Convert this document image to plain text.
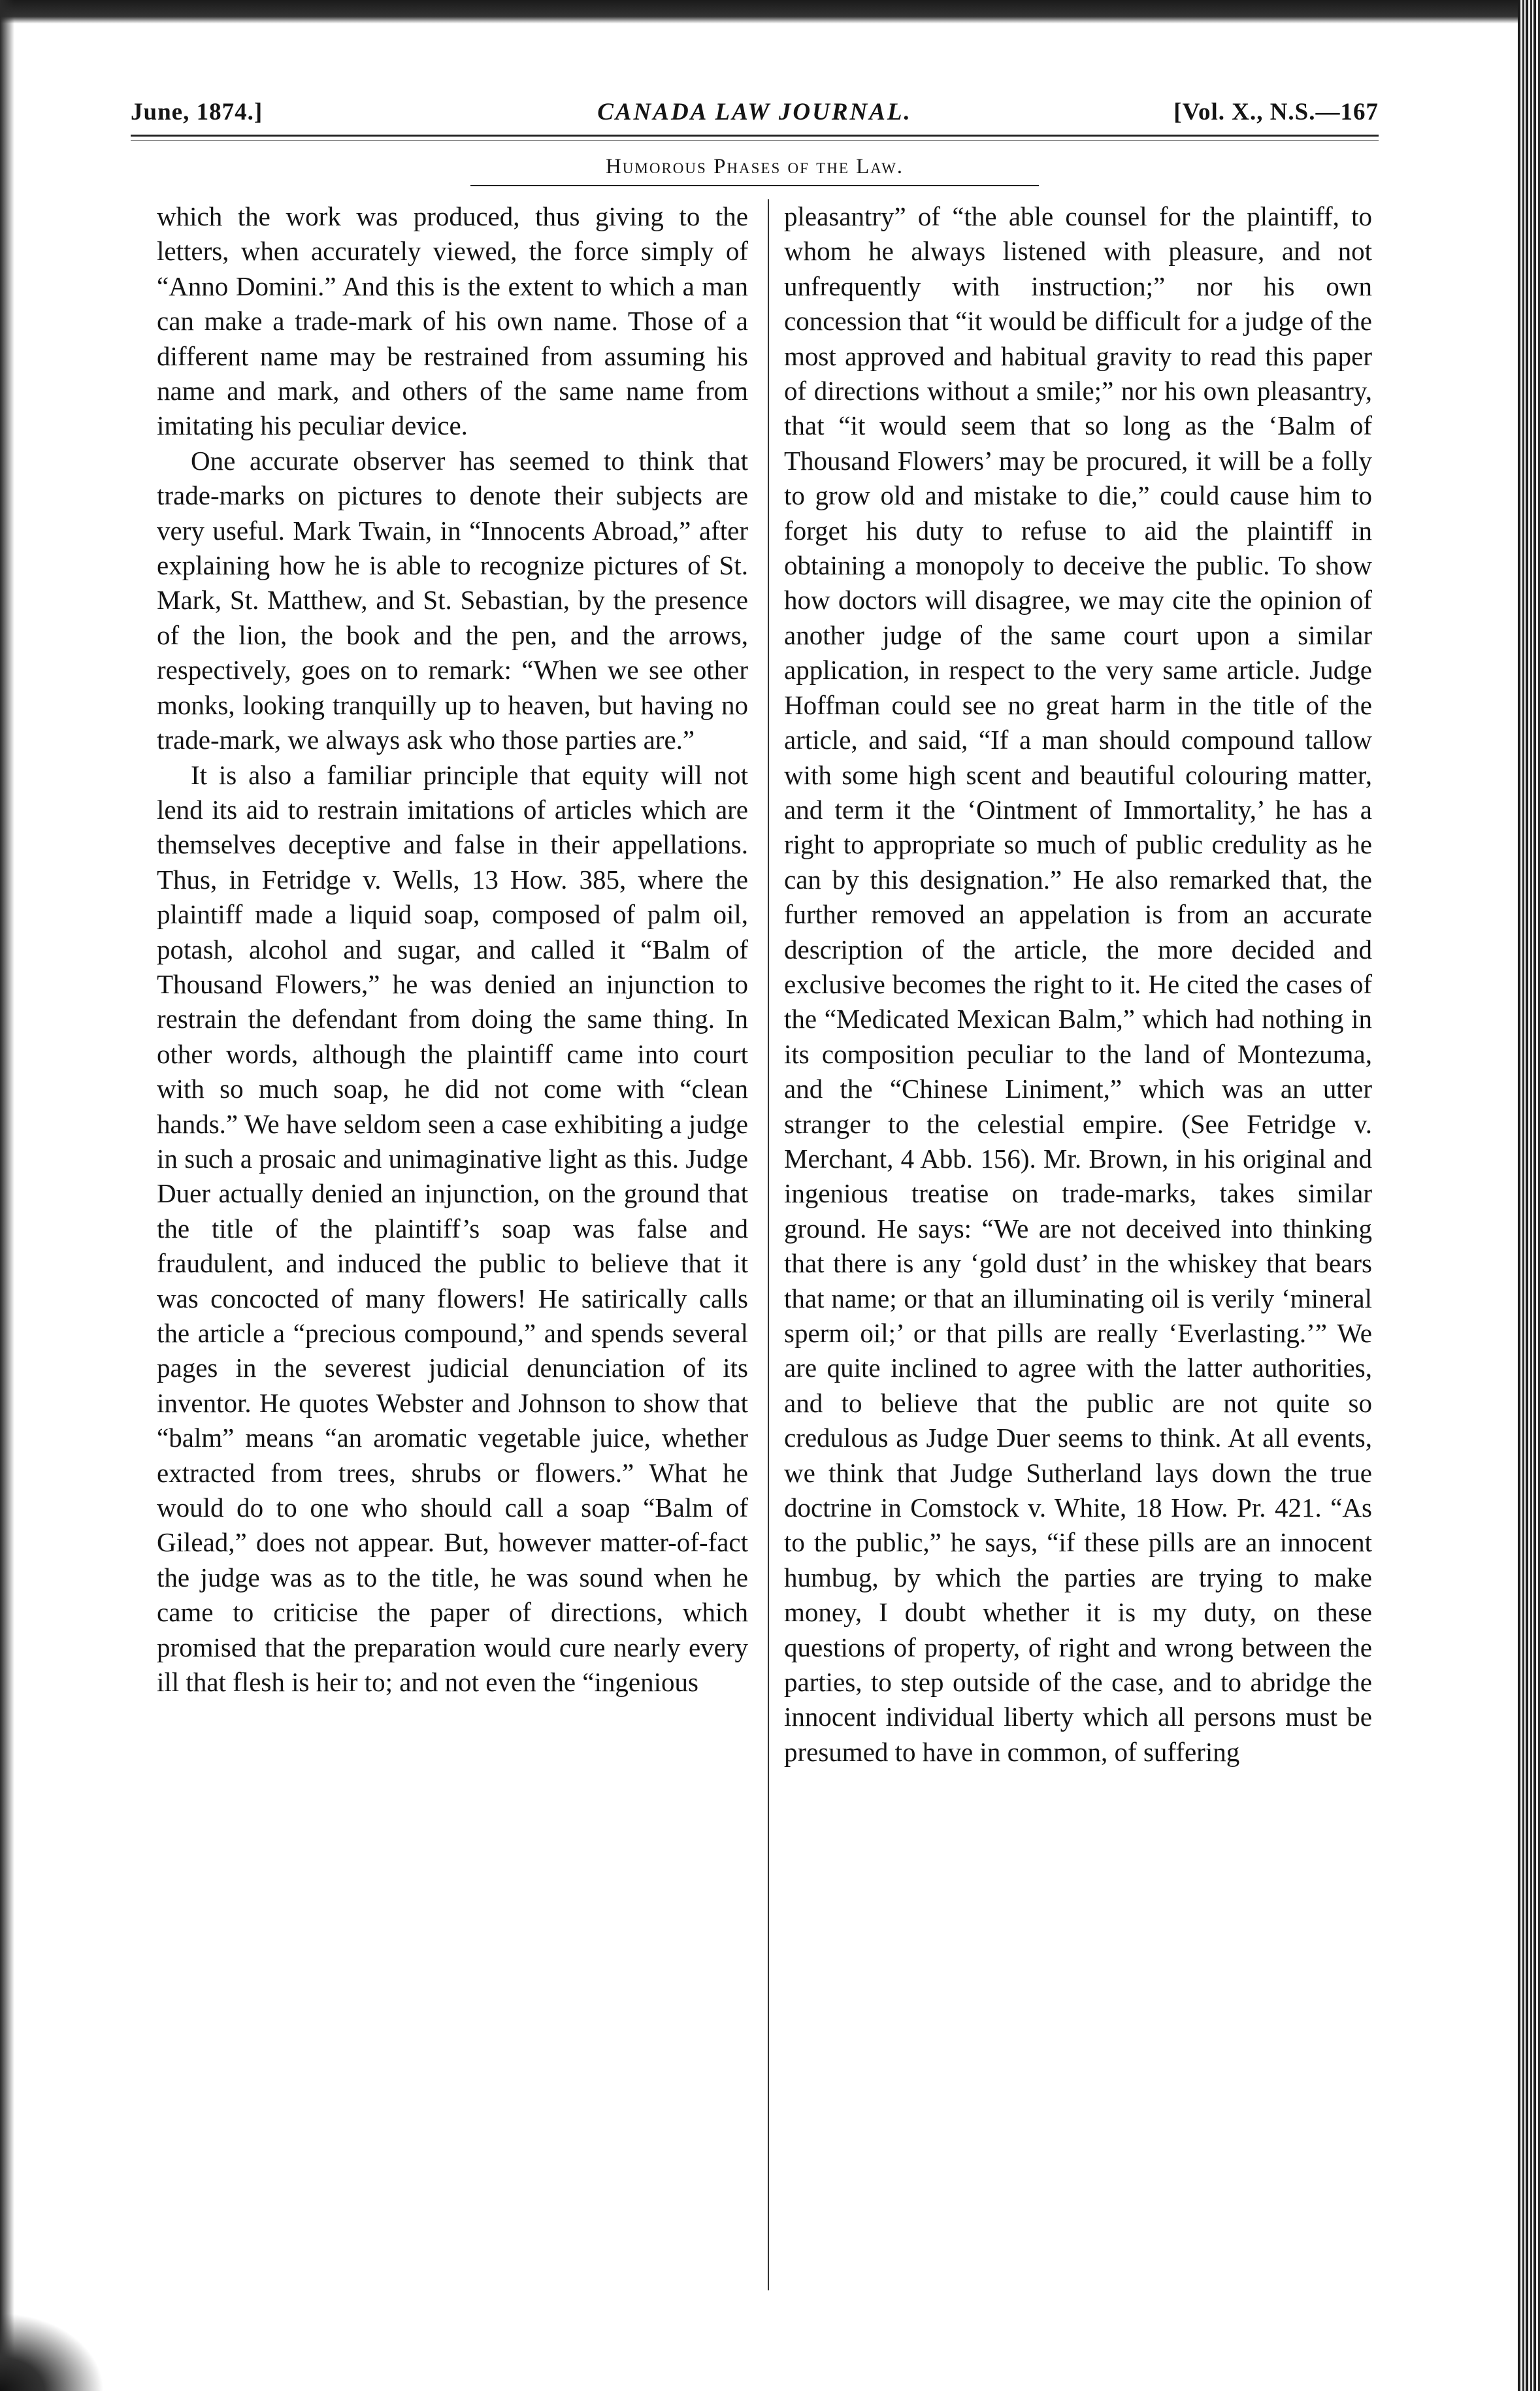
June, 1874.]	CANADA LAW JOURNAL.	[Vol. X., N.S.—167
Humorous Phases of the Law.

which the work was produced, thus giving to the letters, when accurately viewed, the force simply of “Anno Domini.” And this is the extent to which a man can make a trade-mark of his own name. Those of a different name may be restrained from assuming his name and mark, and others of the same name from imitating his peculiar device.

One accurate observer has seemed to think that trade-marks on pictures to denote their subjects are very useful. Mark Twain, in “Innocents Abroad,” after explaining how he is able to recognize pictures of St. Mark, St. Matthew, and St. Sebastian, by the presence of the lion, the book and the pen, and the arrows, respectively, goes on to remark: “When we see other monks, looking tranquilly up to heaven, but having no trade-mark, we always ask who those parties are.”

It is also a familiar principle that equity will not lend its aid to restrain imitations of articles which are themselves deceptive and false in their appellations. Thus, in Fetridge v. Wells, 13 How. 385, where the plaintiff made a liquid soap, composed of palm oil, potash, alcohol and sugar, and called it “Balm of Thousand Flowers,” he was denied an injunction to restrain the defendant from doing the same thing. In other words, although the plaintiff came into court with so much soap, he did not come with “clean hands.” We have seldom seen a case exhibiting a judge in such a prosaic and unimaginative light as this. Judge Duer actually denied an injunction, on the ground that the title of the plaintiff’s soap was false and fraudulent, and induced the public to believe that it was concocted of many flowers! He satirically calls the article a “precious compound,” and spends several pages in the severest judicial denunciation of its inventor. He quotes Webster and Johnson to show that “balm” means “an aromatic vegetable juice, whether extracted from trees, shrubs or flowers.” What he would do to one who should call a soap “Balm of Gilead,” does not appear. But, however matter-of-fact the judge was as to the title, he was sound when he came to criticise the paper of directions, which promised that the preparation would cure nearly every ill that flesh is heir to; and not even the “ingenious

pleasantry” of “the able counsel for the plaintiff, to whom he always listened with pleasure, and not unfrequently with instruction;” nor his own concession that “it would be difficult for a judge of the most approved and habitual gravity to read this paper of directions without a smile;” nor his own pleasantry, that “it would seem that so long as the ‘Balm of Thousand Flowers’ may be procured, it will be a folly to grow old and mistake to die,” could cause him to forget his duty to refuse to aid the plaintiff in obtaining a monopoly to deceive the public. To show how doctors will disagree, we may cite the opinion of another judge of the same court upon a similar application, in respect to the very same article. Judge Hoffman could see no great harm in the title of the article, and said, “If a man should compound tallow with some high scent and beautiful colouring matter, and term it the ‘Ointment of Immortality,’ he has a right to appropriate so much of public credulity as he can by this designation.” He also remarked that, the further removed an appelation is from an accurate description of the article, the more decided and exclusive becomes the right to it. He cited the cases of the “Medicated Mexican Balm,” which had nothing in its composition peculiar to the land of Montezuma, and the “Chinese Liniment,” which was an utter stranger to the celestial empire. (See Fetridge v. Merchant, 4 Abb. 156). Mr. Brown, in his original and ingenious treatise on trade-marks, takes similar ground. He says: “We are not deceived into thinking that there is any ‘gold dust’ in the whiskey that bears that name; or that an illuminating oil is verily ‘mineral sperm oil;’ or that pills are really ‘Everlasting.’” We are quite inclined to agree with the latter authorities, and to believe that the public are not quite so credulous as Judge Duer seems to think. At all events, we think that Judge Sutherland lays down the true doctrine in Comstock v. White, 18 How. Pr. 421. “As to the public,” he says, “if these pills are an innocent humbug, by which the parties are trying to make money, I doubt whether it is my duty, on these questions of property, of right and wrong between the parties, to step outside of the case, and to abridge the innocent individual liberty which all persons must be presumed to have in common, of suffering
